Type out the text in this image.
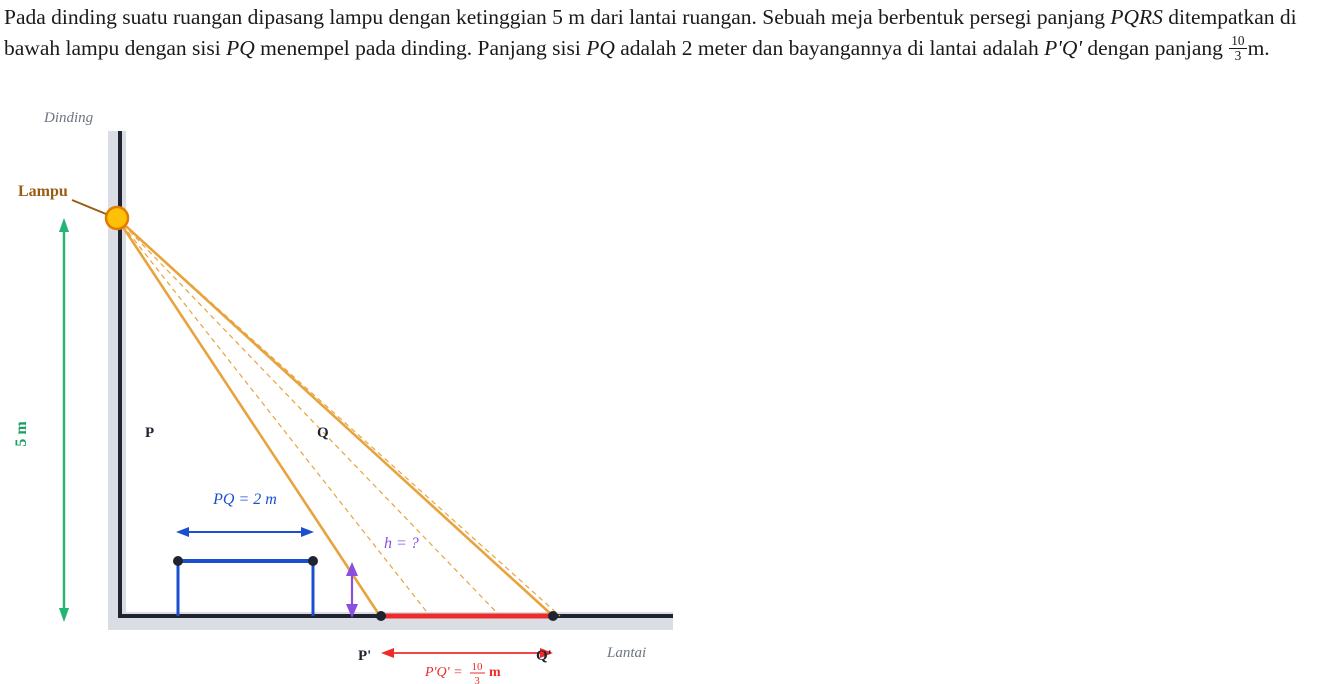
Pada dinding suatu ruangan dipasang lampu dengan ketinggian 5 m dari lantai ruangan. Sebuah meja berbentuk persegi panjang PQRS ditempatkan di bawah lampu dengan sisi PQ menempel pada dinding. Panjang sisi PQ adalah 2 meter dan bayangannya di lantai adalah P'Q' dengan panjang $\frac{10}{3} m$.
5 m
PQ = 2 m
h = ?
P'Q' = 10
3
m
Lampu
P	Q
P'	Q'
Dinding
Lantai
